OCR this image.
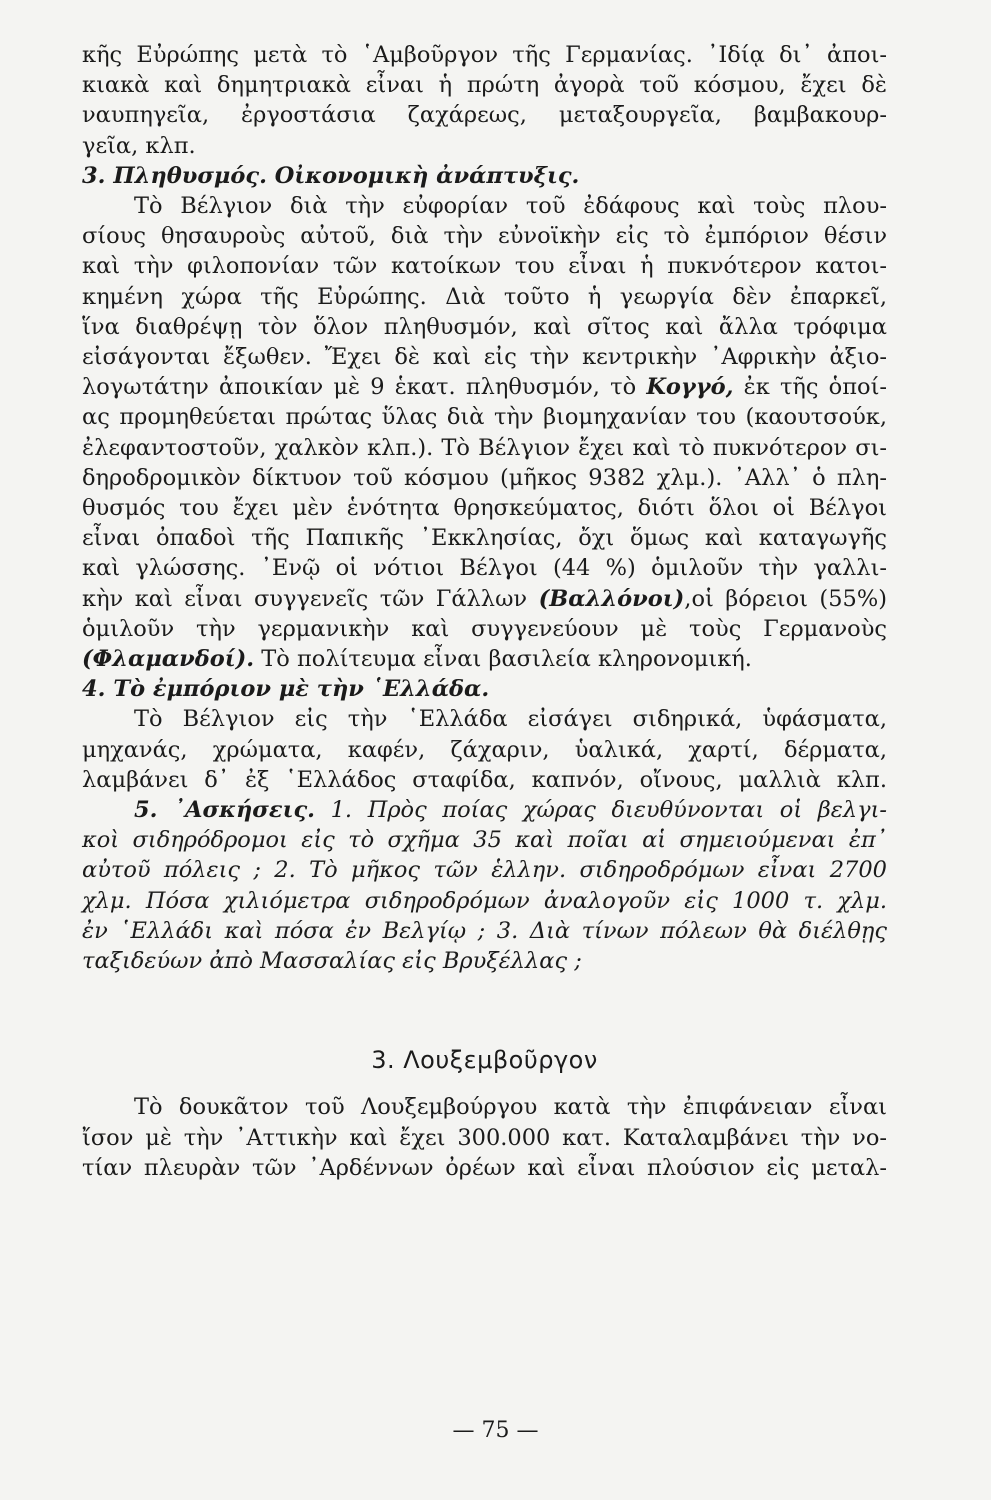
κῆς Εὐρώπης μετὰ τὸ ῾Αμβοῦργον τῆς Γερμανίας. ᾿Ιδίᾳ δι᾿ ἀποι-
κιακὰ καὶ δημητριακὰ εἶναι ἡ πρώτη ἀγορὰ τοῦ κόσμου, ἔχει δὲ
ναυπηγεῖα, ἐργοστάσια ζαχάρεως, μεταξουργεῖα, βαμβακουρ-
γεῖα, κλπ.
3. Πληθυσμός. Οἰκονομικὴ ἀνάπτυξις.
Τὸ Βέλγιον διὰ τὴν εὐφορίαν τοῦ ἐδάφους καὶ τοὺς πλου-
σίους θησαυροὺς αὐτοῦ, διὰ τὴν εὐνοϊκὴν εἰς τὸ ἐμπόριον θέσιν
καὶ τὴν φιλοπονίαν τῶν κατοίκων του εἶναι ἡ πυκνότερον κατοι-
κημένη χώρα τῆς Εὐρώπης. Διὰ τοῦτο ἡ γεωργία δὲν ἐπαρκεῖ,
ἵνα διαθρέψῃ τὸν ὅλον πληθυσμόν, καὶ σῖτος καὶ ἄλλα τρόφιμα
εἰσάγονται ἔξωθεν. Ἔχει δὲ καὶ εἰς τὴν κεντρικὴν ᾿Αφρικὴν ἀξιο-
λογωτάτην ἀποικίαν μὲ 9 ἑκατ. πληθυσμόν, τὸ Κογγό, ἐκ τῆς ὁποί-
ας προμηθεύεται πρώτας ὕλας διὰ τὴν βιομηχανίαν του (καουτσούκ,
ἐλεφαντοστοῦν, χαλκὸν κλπ.). Τὸ Βέλγιον ἔχει καὶ τὸ πυκνότερον σι-
δηροδρομικὸν δίκτυον τοῦ κόσμου (μῆκος 9382 χλμ.). ᾿Αλλ᾿ ὁ πλη-
θυσμός του ἔχει μὲν ἑνότητα θρησκεύματος, διότι ὅλοι οἱ Βέλγοι
εἶναι ὀπαδοὶ τῆς Παπικῆς ᾿Εκκλησίας, ὄχι ὅμως καὶ καταγωγῆς
καὶ γλώσσης. ᾿Ενῷ οἱ νότιοι Βέλγοι (44 %) ὁμιλοῦν τὴν γαλλι-
κὴν καὶ εἶναι συγγενεῖς τῶν Γάλλων (Βαλλόνοι),οἱ βόρειοι (55%)
ὁμιλοῦν τὴν γερμανικὴν καὶ συγγενεύουν μὲ τοὺς Γερμανοὺς
(Φλαμανδοί). Τὸ πολίτευμα εἶναι βασιλεία κληρονομική.
4. Τὸ ἐμπόριον μὲ τὴν ῾Ελλάδα.
Τὸ Βέλγιον εἰς τὴν ῾Ελλάδα εἰσάγει σιδηρικά, ὑφάσματα,
μηχανάς, χρώματα, καφέν, ζάχαριν, ὑαλικά, χαρτί, δέρματα,
λαμβάνει δ᾿ ἐξ ῾Ελλάδος σταφίδα, καπνόν, οἴνους, μαλλιὰ κλπ.
5. ᾿Ασκήσεις. 1. Πρὸς ποίας χώρας διευθύνονται οἱ βελγι-
κοὶ σιδηρόδρομοι εἰς τὸ σχῆμα 35 καὶ ποῖαι αἱ σημειούμεναι ἐπ᾿
αὐτοῦ πόλεις ; 2. Τὸ μῆκος τῶν ἑλλην. σιδηροδρόμων εἶναι 2700
χλμ. Πόσα χιλιόμετρα σιδηροδρόμων ἀναλογοῦν εἰς 1000 τ. χλμ.
ἐν ῾Ελλάδι καὶ πόσα ἐν Βελγίῳ ; 3. Διὰ τίνων πόλεων θὰ διέλθῃς
ταξιδεύων ἀπὸ Μασσαλίας εἰς Βρυξέλλας ;
3. Λουξεμβοῦργον
Τὸ δουκᾶτον τοῦ Λουξεμβούργου κατὰ τὴν ἐπιφάνειαν εἶναι
ἴσον μὲ τὴν ᾿Αττικὴν καὶ ἔχει 300.000 κατ. Καταλαμβάνει τὴν νο-
τίαν πλευρὰν τῶν ᾿Αρδέννων ὀρέων καὶ εἶναι πλούσιον εἰς μεταλ-
— 75 —
